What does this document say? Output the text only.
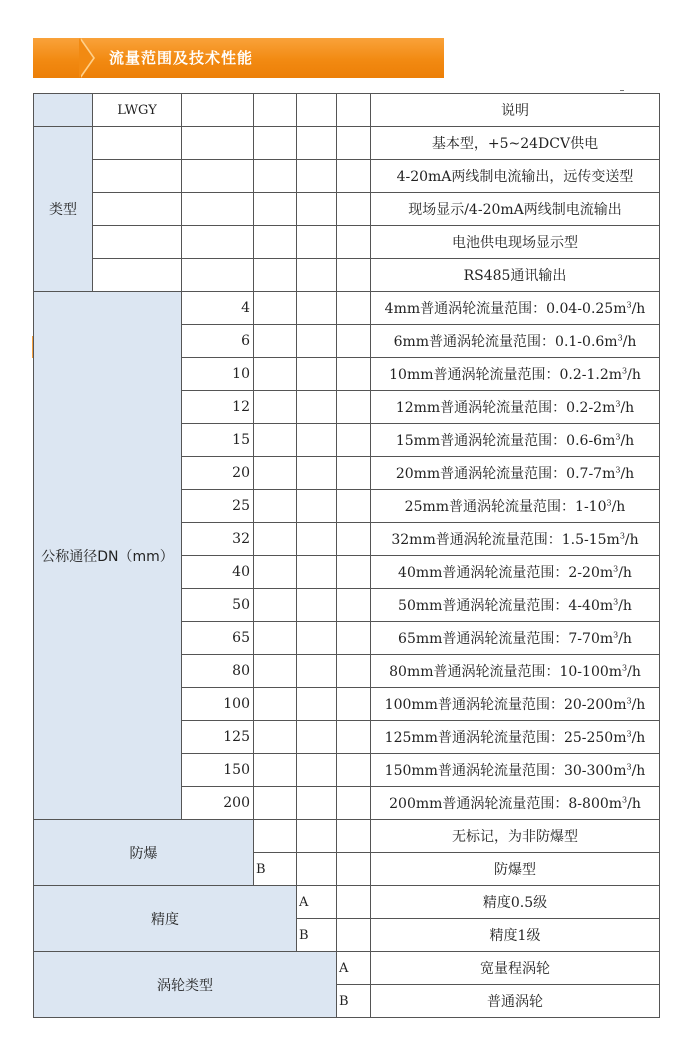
流量范围及技术性能
	LWGY					说明
类型						基本型，+5~24DCV供电
						4-20mA两线制电流输出，远传变送型
						现场显示/4-20mA两线制电流输出
						电池供电现场显示型
						RS485通讯输出
公称通径DN（mm）		4				4mm普通涡轮流量范围：$0.04-0.25m^3/h$
		6				6mm普通涡轮流量范围：$0.1-0.6m^3/h$
		10				10mm普通涡轮流量范围：$0.2-1.2m^3/h$
		12				12mm普通涡轮流量范围：$0.2-2m^3/h$
		15				15mm普通涡轮流量范围：$0.6-6m^3/h$
		20				20mm普通涡轮流量范围：$0.7-7m^3/h$
		25				25mm普通涡轮流量范围：$1-10^3/h$
		32				32mm普通涡轮流量范围：$1.5-15m^3/h$
		40				40mm普通涡轮流量范围：$2-20m^3/h$
		50				50mm普通涡轮流量范围：$4-40m^3/h$
		65				65mm普通涡轮流量范围：$7-70m^3/h$
		80				80mm普通涡轮流量范围：$10-100m^3/h$
		100				100mm普通涡轮流量范围：$20-200m^3/h$
		125				125mm普通涡轮流量范围：$25-250m^3/h$
		150				150mm普通涡轮流量范围：$30-300m^3/h$
		200				200mm普通涡轮流量范围：$8-800m^3/h$
防爆						无标记，为非防爆型
			B			防爆型
精度				A		精度0.5级
				B		精度1级
涡轮类型					A	宽量程涡轮
					B	普通涡轮
